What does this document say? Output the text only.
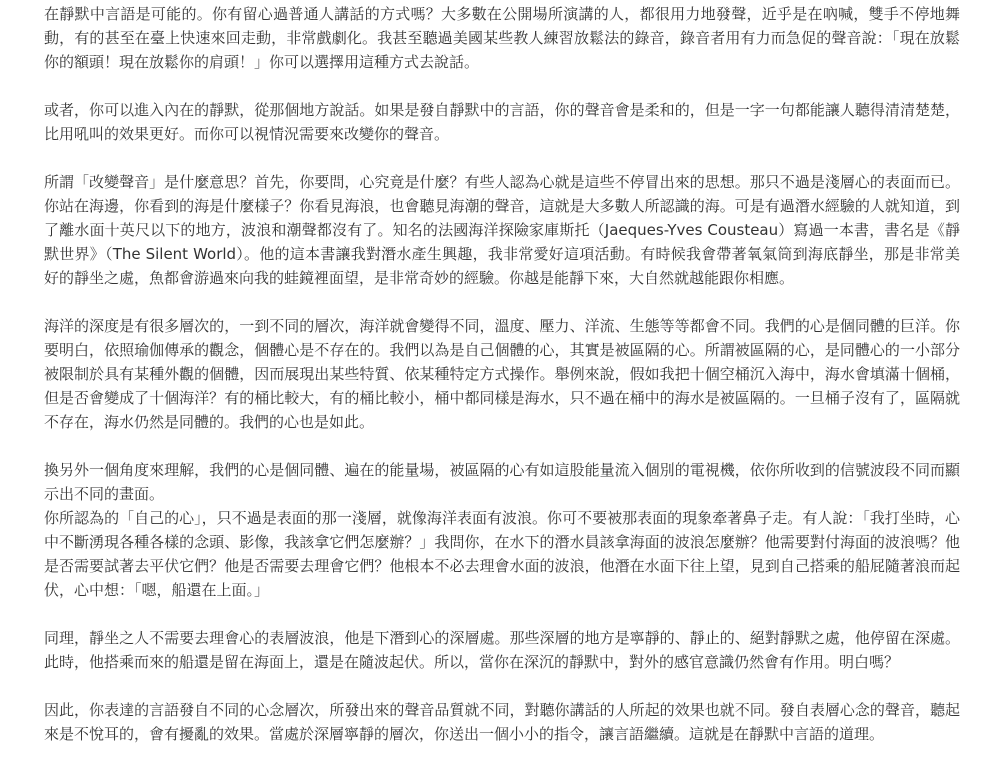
在靜默中言語是可能的。你有留心過普通人講話的方式嗎？大多數在公開場所演講的人，都很用力地發聲，近乎是在吶喊，雙手不停地舞動，有的甚至在臺上快速來回走動，非常戲劇化。我甚至聽過美國某些教人練習放鬆法的錄音，錄音者用有力而急促的聲音說：「現在放鬆你的額頭！現在放鬆你的肩頭！」你可以選擇用這種方式去說話。

或者，你可以進入內在的靜默，從那個地方說話。如果是發自靜默中的言語，你的聲音會是柔和的，但是一字一句都能讓人聽得清清楚楚，比用吼叫的效果更好。而你可以視情況需要來改變你的聲音。

所謂「改變聲音」是什麼意思？首先，你要問，心究竟是什麼？有些人認為心就是這些不停冒出來的思想。那只不過是淺層心的表面而已。你站在海邊，你看到的海是什麼樣子？你看見海浪，也會聽見海潮的聲音，這就是大多數人所認識的海。可是有過潛水經驗的人就知道，到了離水面十英尺以下的地方，波浪和潮聲都沒有了。知名的法國海洋探險家庫斯托（Jaeques-Yves Cousteau）寫過一本書，書名是《靜默世界》（The Silent World）。他的這本書讓我對潛水產生興趣，我非常愛好這項活動。有時候我會帶著氧氣筒到海底靜坐，那是非常美好的靜坐之處，魚都會游過來向我的蛙鏡裡面望，是非常奇妙的經驗。你越是能靜下來，大自然就越能跟你相應。

海洋的深度是有很多層次的，一到不同的層次，海洋就會變得不同，溫度、壓力、洋流、生態等等都會不同。我們的心是個同體的巨洋。你要明白，依照瑜伽傳承的觀念，個體心是不存在的。我們以為是自己個體的心，其實是被區隔的心。所謂被區隔的心，是同體心的一小部分被限制於具有某種外觀的個體，因而展現出某些特質、依某種特定方式操作。舉例來說，假如我把十個空桶沉入海中，海水會填滿十個桶，但是否會變成了十個海洋？有的桶比較大，有的桶比較小，桶中都同樣是海水，只不過在桶中的海水是被區隔的。一旦桶子沒有了，區隔就不存在，海水仍然是同體的。我們的心也是如此。

換另外一個角度來理解，我們的心是個同體、遍在的能量場，被區隔的心有如這股能量流入個別的電視機，依你所收到的信號波段不同而顯示出不同的畫面。

你所認為的「自己的心」，只不過是表面的那一淺層，就像海洋表面有波浪。你可不要被那表面的現象牽著鼻子走。有人說：「我打坐時，心中不斷湧現各種各樣的念頭、影像，我該拿它們怎麼辦？」我問你，在水下的潛水員該拿海面的波浪怎麼辦？他需要對付海面的波浪嗎？他是否需要試著去平伏它們？他是否需要去理會它們？他根本不必去理會水面的波浪，他潛在水面下往上望，見到自己搭乘的船屁隨著浪而起伏，心中想：「嗯，船還在上面。」

同理，靜坐之人不需要去理會心的表層波浪，他是下潛到心的深層處。那些深層的地方是寧靜的、靜止的、絕對靜默之處，他停留在深處。此時，他搭乘而來的船還是留在海面上，還是在隨波起伏。所以，當你在深沉的靜默中，對外的感官意識仍然會有作用。明白嗎？

因此，你表達的言語發自不同的心念層次，所發出來的聲音品質就不同，對聽你講話的人所起的效果也就不同。發自表層心念的聲音，聽起來是不悅耳的，會有擾亂的效果。當處於深層寧靜的層次，你送出一個小小的指令，讓言語繼續。這就是在靜默中言語的道理。
